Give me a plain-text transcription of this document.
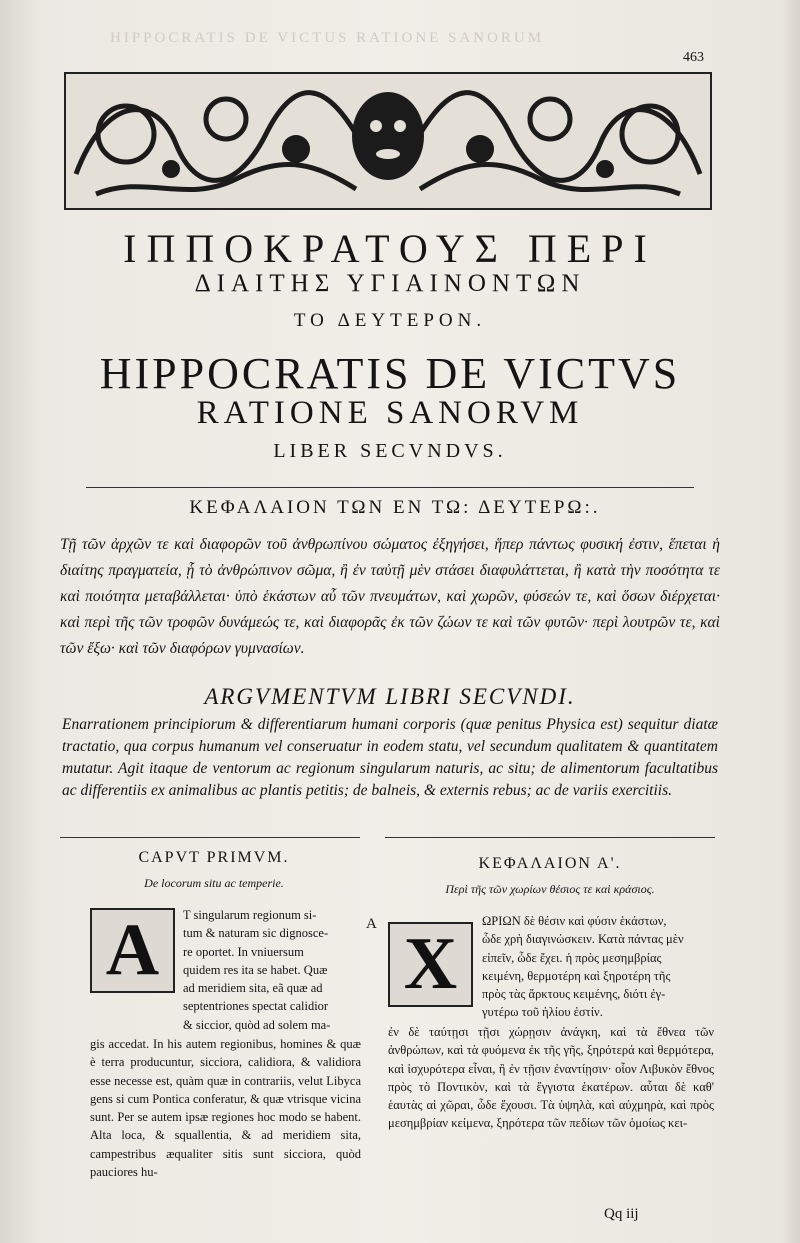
HIPPOCRATIS DE VICTUS RATIONE SANORUM
463
ΙΠΠΟΚΡΑΤΟΥΣ ΠΕΡΙ
ΔΙΑΙΤΗΣ ΥΓΙΑΙΝΟΝΤΩΝ
ΤΟ ΔΕΥΤΕΡΟΝ.
HIPPOCRATIS DE VICTVS
RATIONE SANORVM
LIBER SECVNDVS.
ΚΕΦΑΛΑΙΟΝ ΤΩΝ ΕΝ ΤΩ: ΔΕΥΤΕΡΩ:.
Τῇ τῶν ἀρχῶν τε καὶ διαφορῶν τοῦ ἀνθρωπίνου σώματος ἐξηγήσει, ἥπερ πάντως φυσική ἐστιν, ἕπεται ἡ διαίτης πραγματεία, ᾗ τὸ ἀνθρώπινον σῶμα, ἢ ἐν ταὐτῇ μὲν στάσει διαφυλάττεται, ἢ κατὰ τὴν ποσότητα τε καὶ ποιότητα μεταβάλλεται· ὑπὸ ἑκάστων αὖ τῶν πνευμάτων, καὶ χωρῶν, φύσεών τε, καὶ ὅσων διέρχεται· καὶ περὶ τῆς τῶν τροφῶν δυνάμεώς τε, καὶ διαφορᾶς ἐκ τῶν ζώων τε καὶ τῶν φυτῶν· περὶ λουτρῶν τε, καὶ τῶν ἔξω· καὶ τῶν διαφόρων γυμνασίων.
ARGVMENTVM LIBRI SECVNDI.
Enarrationem principiorum & differentiarum humani corporis (quæ penitus Physica est) sequitur diatæ tractatio, qua corpus humanum vel conseruatur in eodem statu, vel secundum qualitatem & quantitatem mutatur. Agit itaque de ventorum ac regionum singularum naturis, ac situ; de alimentorum facultatibus ac differentiis ex animalibus ac plantis petitis; de balneis, & externis rebus; ac de variis exercitiis.
CAPVT PRIMVM.
De locorum situ ac temperie.
A	T singularum regionum si-
tum & naturam sic dignosce-
re oportet. In vniuersum
quidem res ita se habet. Quæ
ad meridiem sita, eã quæ ad
septentriones spectat calidior
& siccior, quòd ad solem ma-
gis accedat. In his autem regionibus, homines & quæ è terra producuntur, sicciora, calidiora, & validiora esse necesse est, quàm quæ in contrariis, velut Libyca gens si cum Pontica conferatur, & quæ vtrisque vicina sunt. Per se autem ipsæ regiones hoc modo se habent. Alta loca, & squallentia, & ad meridiem sita, campestribus æqualiter sitis sunt sicciora, quòd pauciores hu-
A
ΚΕΦΑΛΑΙΟΝ Α'.
Περὶ τῆς τῶν χωρίων θέσιος τε καὶ κράσιος.
X
ΩΡΙΩΝ δὲ θέσιν καὶ φύσιν ἑκάστων,
ὧδε χρὴ διαγινώσκειν. Κατὰ πάντας μὲν
εἰπεῖν, ὧδε ἔχει. ἡ πρὸς μεσημβρίας
κειμένη, θερμοτέρη καὶ ξηροτέρη τῆς
πρὸς τὰς ἄρκτους κειμένης, διότι ἐγ-
γυτέρω τοῦ ἡλίου ἐστίν.
ἐν δὲ ταύτῃσι τῇσι χώρῃσιν ἀνάγκη, καὶ τὰ ἔθνεα τῶν ἀνθρώπων, καὶ τὰ φυόμενα ἐκ τῆς γῆς, ξηρότερά καὶ θερμότερα, καὶ ἰσχυρότερα εἶναι, ἢ ἐν τῇσιν ἐναντίῃσιν· οἷον Λιβυκὸν ἔθνος πρὸς τὸ Ποντικὸν, καὶ τὰ ἔγγιστα ἑκατέρων. αὗται δὲ καθ' ἑαυτὰς αἱ χῶραι, ὧδε ἔχουσι. Τὰ ὑψηλὰ, καὶ αὐχμηρὰ, καὶ πρὸς μεσημβρίαν κείμενα, ξηρότερα τῶν πεδίων τῶν ὁμοίως κει-
Qq iij
